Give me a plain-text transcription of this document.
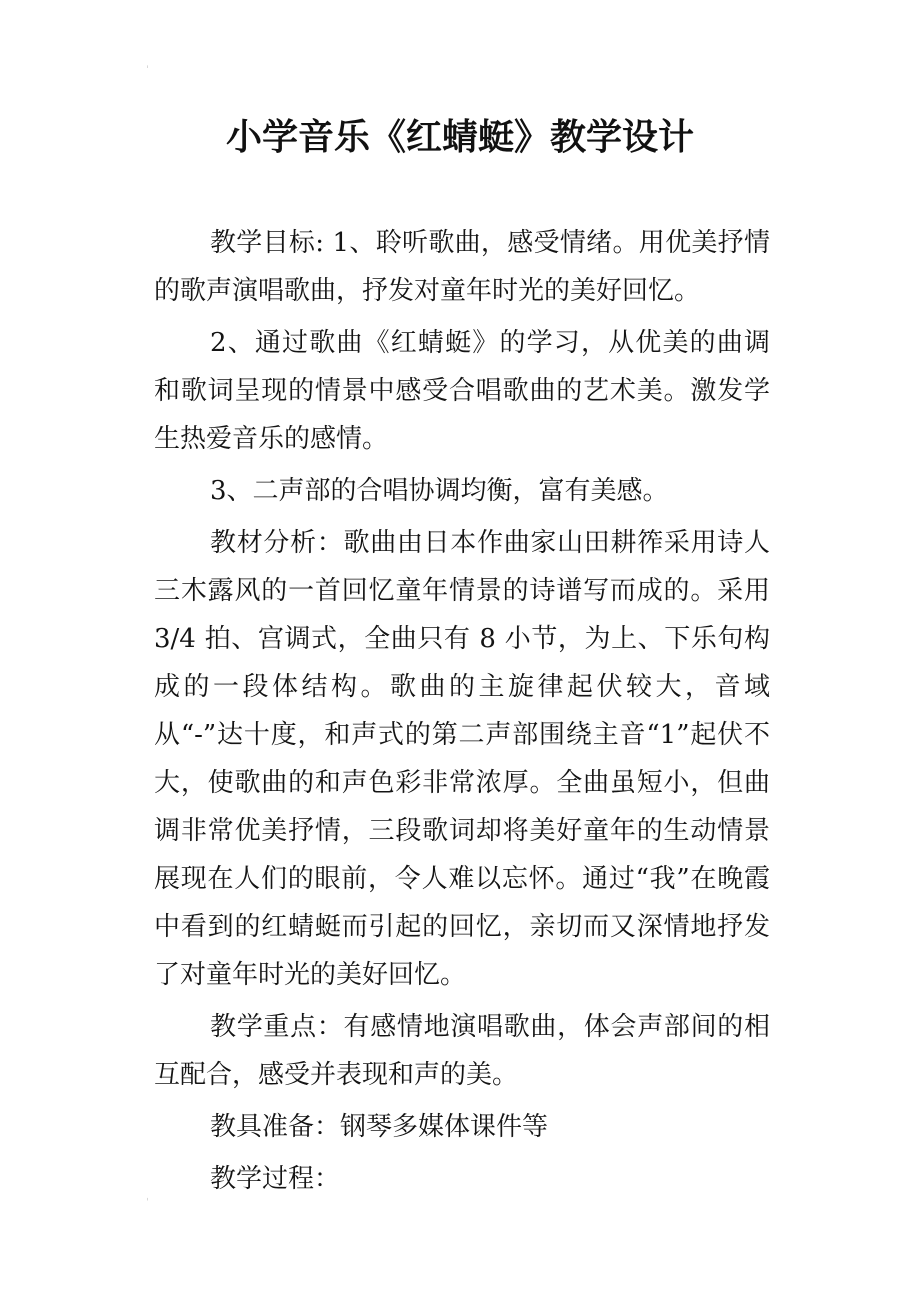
ˈ
小学音乐《红蜻蜓》教学设计

教学目标: 1、聆听歌曲，感受情绪。用优美抒情的歌声演唱歌曲，抒发对童年时光的美好回忆。

2、通过歌曲《红蜻蜓》的学习，从优美的曲调和歌词呈现的情景中感受合唱歌曲的艺术美。激发学生热爱音乐的感情。

3、二声部的合唱协调均衡，富有美感。

教材分析：歌曲由日本作曲家山田耕筰采用诗人三木露风的一首回忆童年情景的诗谱写而成的。采用 3/4 拍、宫调式，全曲只有 8 小节，为上、下乐句构成的一段体结构。歌曲的主旋律起伏较大，音域从“-”达十度，和声式的第二声部围绕主音“1”起伏不大，使歌曲的和声色彩非常浓厚。全曲虽短小，但曲调非常优美抒情，三段歌词却将美好童年的生动情景展现在人们的眼前，令人难以忘怀。通过“我”在晚霞中看到的红蜻蜓而引起的回忆，亲切而又深情地抒发了对童年时光的美好回忆。

教学重点：有感情地演唱歌曲，体会声部间的相互配合，感受并表现和声的美。

教具准备：钢琴多媒体课件等

教学过程：

ˌ
